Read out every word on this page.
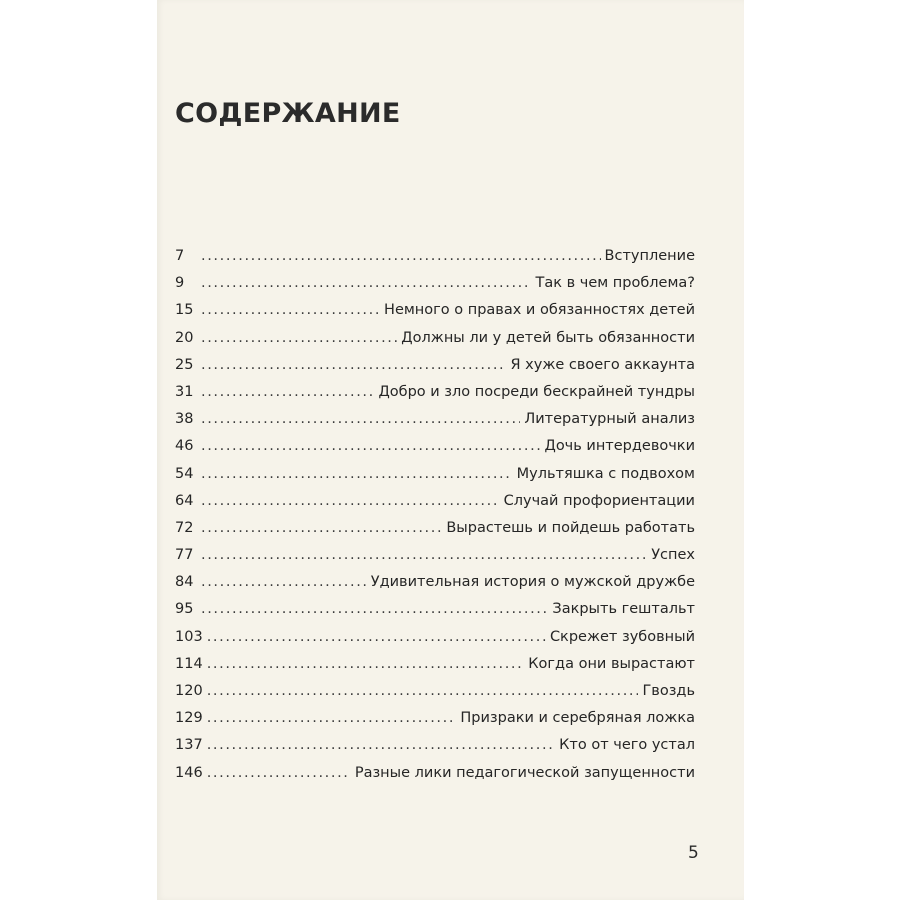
СОДЕРЖАНИЕ
7 .....	Вступление
9 .....	Так в чем проблема?
15 .....	Немного о правах и обязанностях детей
20 .....	Должны ли у детей быть обязанности
25 .....	Я хуже своего аккаунта
31 .....	Добро и зло посреди бескрайней тундры
38 .....	Литературный анализ
46 .....	Дочь интердевочки
54 .....	Мультяшка с подвохом
64 .....	Случай профориентации
72 .....	Вырастешь и пойдешь работать
77 .....	Успех
84 .....	Удивительная история о мужской дружбе
95 .....	Закрыть гештальт
103 .....	Скрежет зубовный
114 .....	Когда они вырастают
120 .....	Гвоздь
129 .....	Призраки и серебряная ложка
137 .....	Кто от чего устал
146 .....	Разные лики педагогической запущенности
5
